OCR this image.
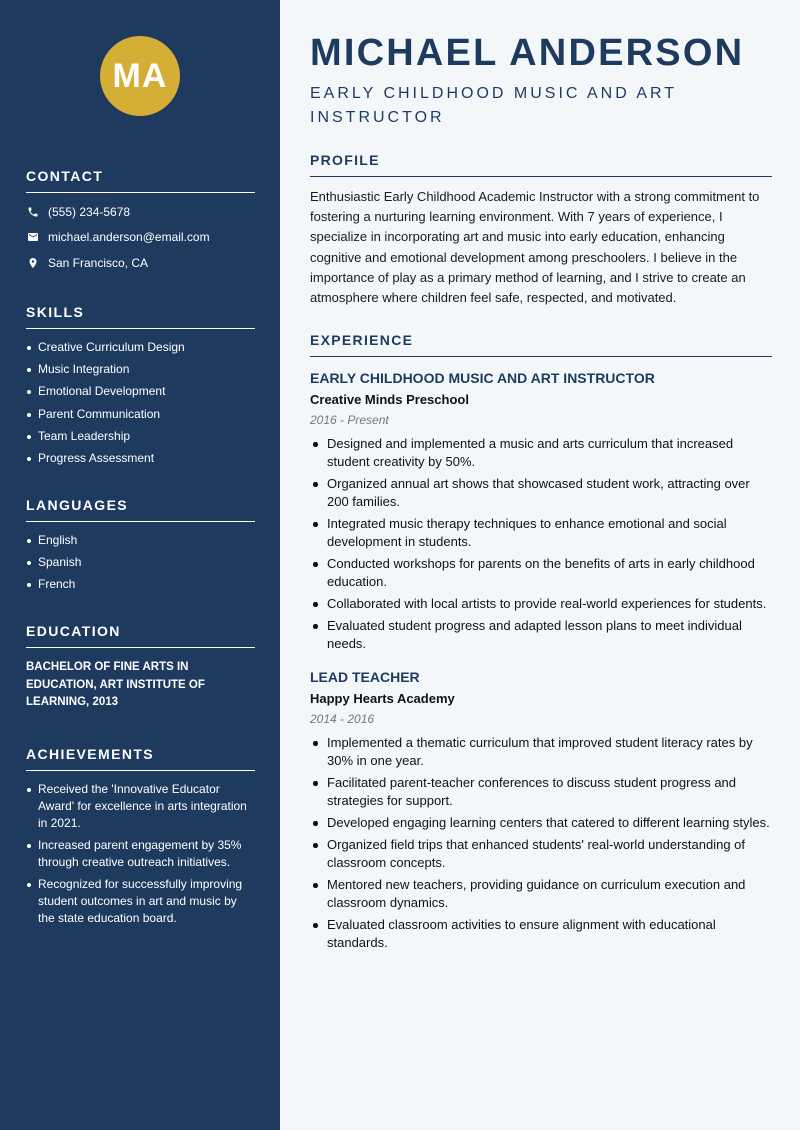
MA
CONTACT
(555) 234-5678
michael.anderson@email.com
San Francisco, CA
SKILLS
Creative Curriculum Design
Music Integration
Emotional Development
Parent Communication
Team Leadership
Progress Assessment
LANGUAGES
English
Spanish
French
EDUCATION
BACHELOR OF FINE ARTS IN EDUCATION, ART INSTITUTE OF LEARNING, 2013
ACHIEVEMENTS
Received the 'Innovative Educator Award' for excellence in arts integration in 2021.
Increased parent engagement by 35% through creative outreach initiatives.
Recognized for successfully improving student outcomes in art and music by the state education board.
MICHAEL ANDERSON
EARLY CHILDHOOD MUSIC AND ART INSTRUCTOR
PROFILE
Enthusiastic Early Childhood Academic Instructor with a strong commitment to fostering a nurturing learning environment. With 7 years of experience, I specialize in incorporating art and music into early education, enhancing cognitive and emotional development among preschoolers. I believe in the importance of play as a primary method of learning, and I strive to create an atmosphere where children feel safe, respected, and motivated.
EXPERIENCE
EARLY CHILDHOOD MUSIC AND ART INSTRUCTOR
Creative Minds Preschool
2016 - Present
Designed and implemented a music and arts curriculum that increased student creativity by 50%.
Organized annual art shows that showcased student work, attracting over 200 families.
Integrated music therapy techniques to enhance emotional and social development in students.
Conducted workshops for parents on the benefits of arts in early childhood education.
Collaborated with local artists to provide real-world experiences for students.
Evaluated student progress and adapted lesson plans to meet individual needs.
LEAD TEACHER
Happy Hearts Academy
2014 - 2016
Implemented a thematic curriculum that improved student literacy rates by 30% in one year.
Facilitated parent-teacher conferences to discuss student progress and strategies for support.
Developed engaging learning centers that catered to different learning styles.
Organized field trips that enhanced students' real-world understanding of classroom concepts.
Mentored new teachers, providing guidance on curriculum execution and classroom dynamics.
Evaluated classroom activities to ensure alignment with educational standards.
